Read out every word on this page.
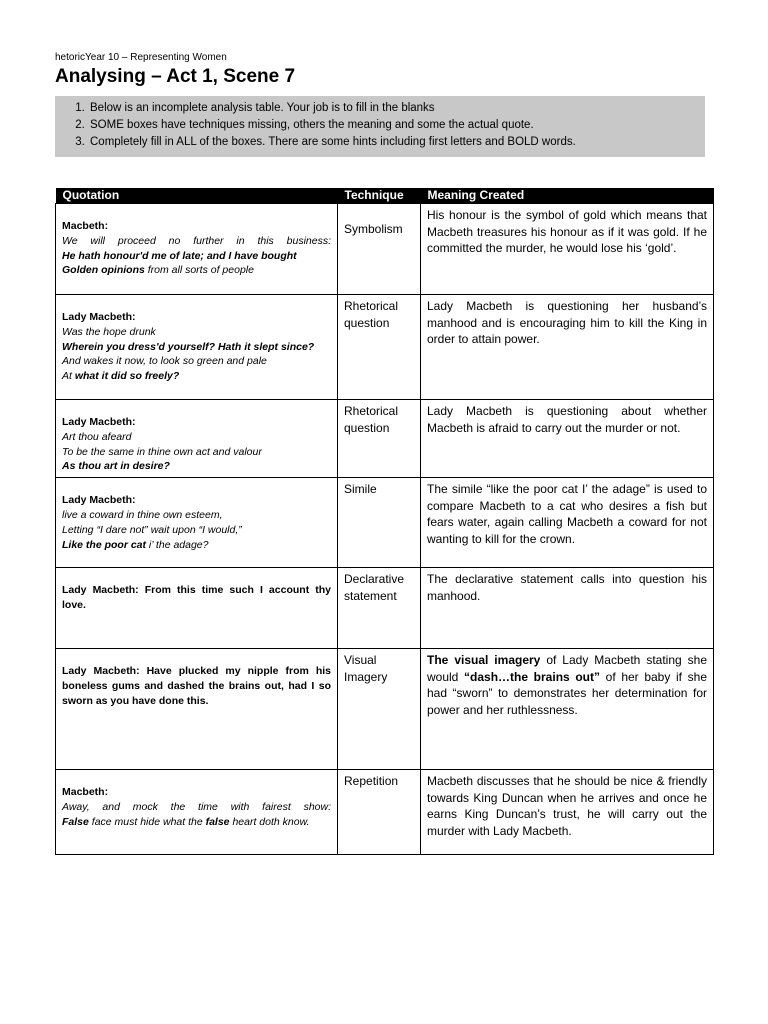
hetoricYear 10 – Representing Women
Analysing – Act 1, Scene 7
1. Below is an incomplete analysis table. Your job is to fill in the blanks
2. SOME boxes have techniques missing, others the meaning and some the actual quote.
3. Completely fill in ALL of the boxes. There are some hints including first letters and BOLD words.
Quotation	Technique	Meaning Created

Macbeth:
We will proceed no further in this business:
He hath honour'd me of late; and I have bought
Golden opinions from all sorts of people	Symbolism	His honour is the symbol of gold which means that Macbeth treasures his honour as if it was gold. If he committed the murder, he would lose his ‘gold’.

Lady Macbeth:
Was the hope drunk
Wherein you dress'd yourself? Hath it slept since?
And wakes it now, to look so green and pale
At what it did so freely?	Rhetorical question	Lady Macbeth is questioning her husband’s manhood and is encouraging him to kill the King in order to attain power.

Lady Macbeth:
Art thou afeard
To be the same in thine own act and valour
As thou art in desire?	Rhetorical question	Lady Macbeth is questioning about whether Macbeth is afraid to carry out the murder or not.

Lady Macbeth:
live a coward in thine own esteem,
Letting “I dare not” wait upon “I would,”
Like the poor cat i’ the adage?	Simile	The simile “like the poor cat I’ the adage” is used to compare Macbeth to a cat who desires a fish but fears water, again calling Macbeth a coward for not wanting to kill for the crown.

Lady Macbeth: From this time such I account thy love.	Declarative statement	The declarative statement calls into question his manhood.

Lady Macbeth: Have plucked my nipple from his boneless gums and dashed the brains out, had I so sworn as you have done this.	Visual Imagery	The visual imagery of Lady Macbeth stating she would “dash…the brains out” of her baby if she had “sworn” to demonstrates her determination for power and her ruthlessness.

Macbeth:
Away, and mock the time with fairest show:
False face must hide what the false heart doth know.	Repetition	Macbeth discusses that he should be nice & friendly towards King Duncan when he arrives and once he earns King Duncan’s trust, he will carry out the murder with Lady Macbeth.
